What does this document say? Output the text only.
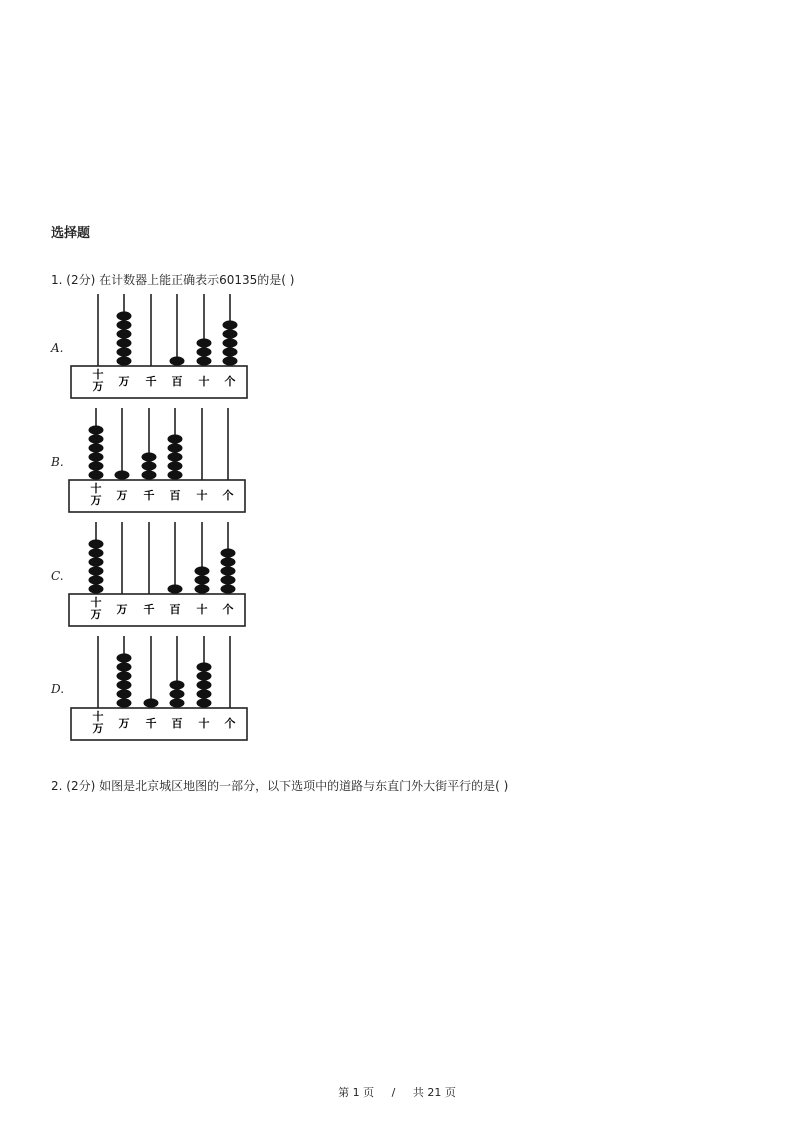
选择题
1. (2分) 在计数器上能正确表示60135的是( )
A.
十
万 万 千 百 十 个
B.
十
万 万 千 百 十 个
C.
十
万 万 千 百 十 个
D.
十
万 万 千 百 十 个
2. (2分) 如图是北京城区地图的一部分，以下选项中的道路与东直门外大街平行的是( )
第 1 页 / 共 21 页
